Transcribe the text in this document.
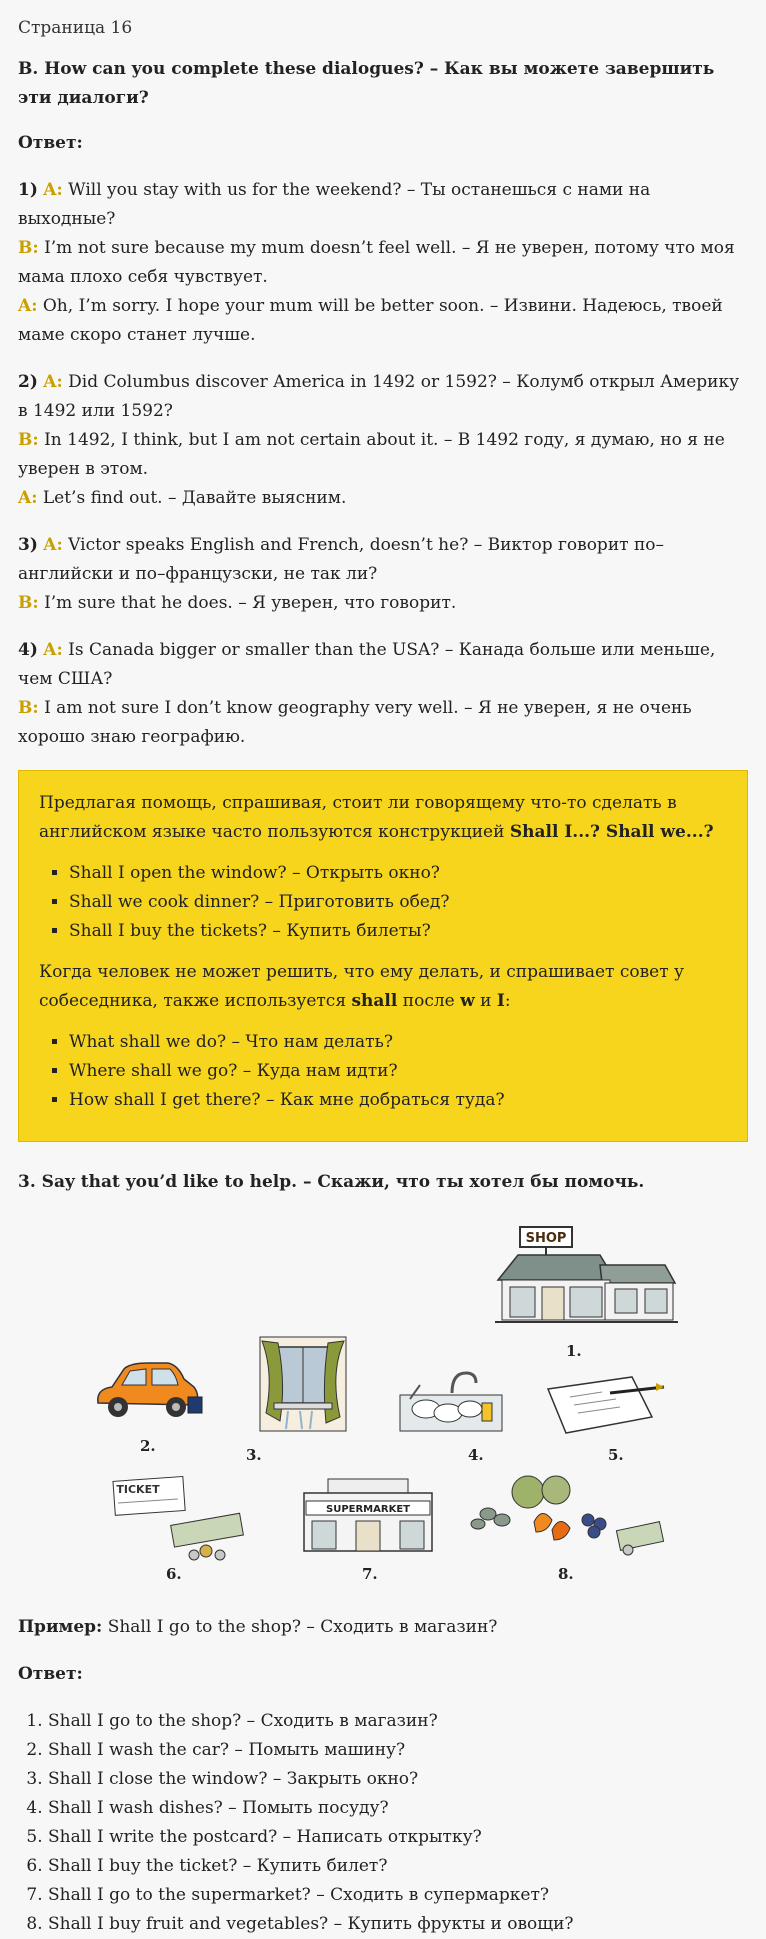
Страница 16
B. How can you complete these dialogues? – Как вы можете завершить эти диалоги?
Ответ:
1) A: Will you stay with us for the weekend? – Ты останешься с нами на выходные?
B: I’m not sure because my mum doesn’t feel well. – Я не уверен, потому что моя мама плохо себя чувствует.
A: Oh, I’m sorry. I hope your mum will be better soon. – Извини. Надеюсь, твоей маме скоро станет лучше.
2) A: Did Columbus discover America in 1492 or 1592? – Колумб открыл Америку в 1492 или 1592?
B: In 1492, I think, but I am not certain about it. – В 1492 году, я думаю, но я не уверен в этом.
A: Let’s find out. – Давайте выясним.
3) A: Victor speaks English and French, doesn’t he? – Виктор говорит по–английски и по–французски, не так ли?
B: I’m sure that he does. – Я уверен, что говорит.
4) A: Is Canada bigger or smaller than the USA? – Канада больше или меньше, чем США?
B: I am not sure I don’t know geography very well. – Я не уверен, я не очень хорошо знаю географию.

Предлагая помощь, спрашивая, стоит ли говорящему что-то сделать в английском языке часто пользуются конструкцией Shall I...? Shall we...?

▪ Shall I open the window? – Открыть окно?
▪ Shall we cook dinner? – Приготовить обед?
▪ Shall I buy the tickets? – Купить билеты?

Когда человек не может решить, что ему делать, и спрашивает совет у собеседника, также используется shall после w и I:

▪ What shall we do? – Что нам делать?
▪ Where shall we go? – Куда нам идти?
▪ How shall I get there? – Как мне добраться туда?
3. Say that you’d like to help. – Скажи, что ты хотел бы помочь.
SHOP
1.
2.	3.	4.	5.
TICKET
6.
SUPERMARKET
7.	8.
Пример: Shall I go to the shop? – Сходить в магазин?
Ответ:
1. Shall I go to the shop? – Сходить в магазин?
2. Shall I wash the car? – Помыть машину?
3. Shall I close the window? – Закрыть окно?
4. Shall I wash dishes? – Помыть посуду?
5. Shall I write the postcard? – Написать открытку?
6. Shall I buy the ticket? – Купить билет?
7. Shall I go to the supermarket? – Сходить в супермаркет?
8. Shall I buy fruit and vegetables? – Купить фрукты и овощи?
